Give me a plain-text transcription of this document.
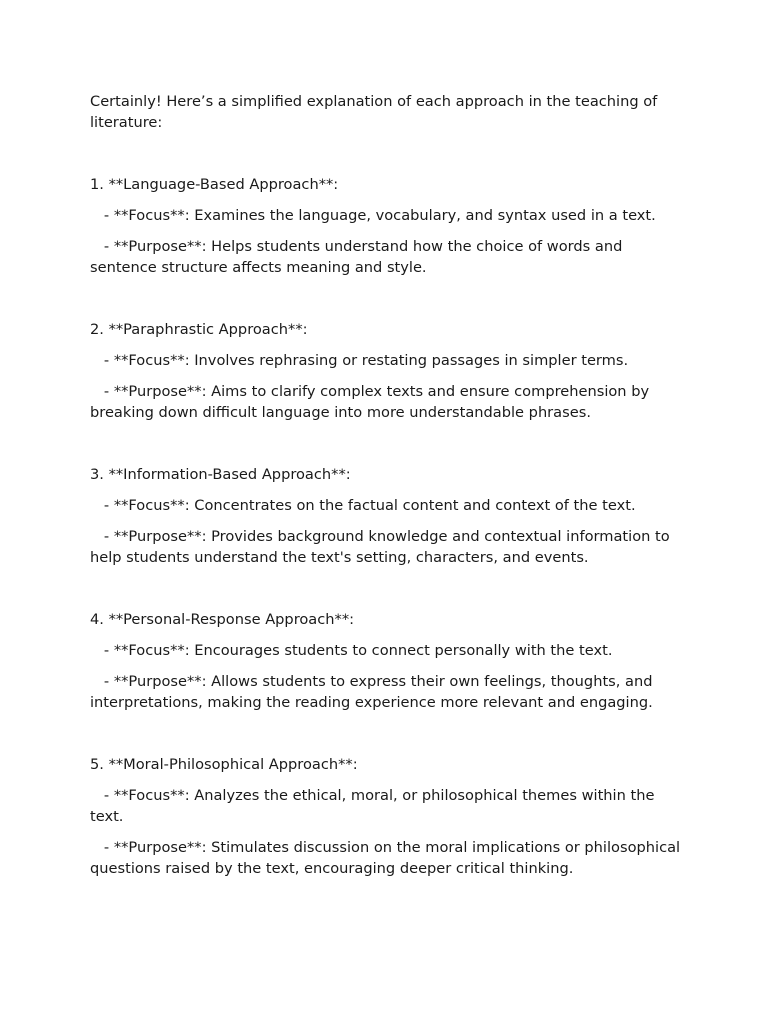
Certainly! Here’s a simplified explanation of each approach in the teaching of literature:

1. **Language-Based Approach**:

- **Focus**: Examines the language, vocabulary, and syntax used in a text.

- **Purpose**: Helps students understand how the choice of words and sentence structure affects meaning and style.

2. **Paraphrastic Approach**:

- **Focus**: Involves rephrasing or restating passages in simpler terms.

- **Purpose**: Aims to clarify complex texts and ensure comprehension by breaking down difficult language into more understandable phrases.

3. **Information-Based Approach**:

- **Focus**: Concentrates on the factual content and context of the text.

- **Purpose**: Provides background knowledge and contextual information to help students understand the text's setting, characters, and events.

4. **Personal-Response Approach**:

- **Focus**: Encourages students to connect personally with the text.

- **Purpose**: Allows students to express their own feelings, thoughts, and interpretations, making the reading experience more relevant and engaging.

5. **Moral-Philosophical Approach**:

- **Focus**: Analyzes the ethical, moral, or philosophical themes within the text.

- **Purpose**: Stimulates discussion on the moral implications or philosophical questions raised by the text, encouraging deeper critical thinking.
